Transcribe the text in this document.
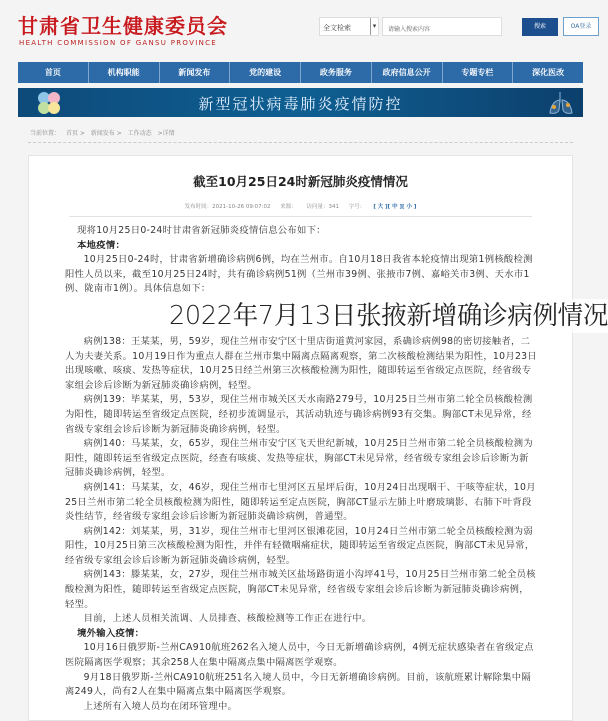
甘肃省卫生健康委员会
HEALTH COMMISSION OF GANSU PROVINCE
全文检索	▾	请输入搜索内容	搜索	OA登录
首页	机构职能	新闻发布	党的建设	政务服务	政府信息公开	专题专栏	深化医改
新型冠状病毒肺炎疫情防控
当前位置： 首页 > 新闻发布 > 工作动态 >详情
截至10月25日24时新冠肺炎疫情情况
发布时间：2021-10-26 09:07:02 来源： 访问量：341 字号： [ 大 ][ 中 ][ 小 ]

现将10月25日0-24时甘肃省新冠肺炎疫情信息公布如下：

本地疫情：

10月25日0-24时，甘肃省新增确诊病例6例，均在兰州市。自10月18日我省本轮疫情出现第1例核酸检测阳性人员以来，截至10月25日24时，共有确诊病例51例（兰州市39例、张掖市7例、嘉峪关市3例、天水市1例、陇南市1例）。具体信息如下：

2022年7月13日张掖新增确诊病例情况

病例138：王某某，男，59岁，现住兰州市安宁区十里店街道黄河家园，系确诊病例98的密切接触者，二人为夫妻关系。10月19日作为重点人群在兰州市集中隔离点隔离观察，第二次核酸检测结果为阳性，10月23日出现咳嗽、咳痰、发热等症状，10月25日经兰州第三次核酸检测为阳性，随即转运至省级定点医院，经省级专家组会诊后诊断为新冠肺炎确诊病例，轻型。

病例139：毕某某，男，53岁，现住兰州市城关区天水南路279号，10月25日兰州市第二轮全员核酸检测为阳性，随即转运至省级定点医院，经初步流调显示，其活动轨迹与确诊病例93有交集。胸部CT未见异常，经省级专家组会诊后诊断为新冠肺炎确诊病例，轻型。

病例140：马某某，女，65岁，现住兰州市安宁区飞天世纪新城，10月25日兰州市第二轮全员核酸检测为阳性，随即转运至省级定点医院，经查有咳痰、发热等症状，胸部CT未见异常，经省级专家组会诊后诊断为新冠肺炎确诊病例，轻型。

病例141：马某某，女，46岁，现住兰州市七里河区五星坪后街，10月24日出现咽干、干咳等症状，10月25日兰州市第二轮全员核酸检测为阳性，随即转运至定点医院，胸部CT显示左肺上叶磨玻璃影、右肺下叶背段炎性结节，经省级专家组会诊后诊断为新冠肺炎确诊病例，普通型。

病例142：刘某某，男，31岁，现住兰州市七里河区银滩花园，10月24日兰州市第二轮全员核酸检测为弱阳性，10月25日第三次核酸检测为阳性，并伴有轻微咽痛症状，随即转运至省级定点医院，胸部CT未见异常，经省级专家组会诊后诊断为新冠肺炎确诊病例，轻型。

病例143：滕某某，女，27岁，现住兰州市城关区盐场路街道小沟坪41号，10月25日兰州市第二轮全员核酸检测为阳性，随即转运至省级定点医院，胸部CT未见异常，经省级专家组会诊后诊断为新冠肺炎确诊病例，轻型。

目前，上述人员相关流调、人员排查、核酸检测等工作正在进行中。

境外输入疫情：

10月16日俄罗斯-兰州CA910航班262名入境人员中，今日无新增确诊病例，4例无症状感染者在省级定点医院隔离医学观察；其余258人在集中隔离点集中隔离医学观察。

9月18日俄罗斯-兰州CA910航班251名入境人员中，今日无新增确诊病例。目前，该航班累计解除集中隔离249人，尚有2人在集中隔离点集中隔离医学观察。

上述所有入境人员均在闭环管理中。
